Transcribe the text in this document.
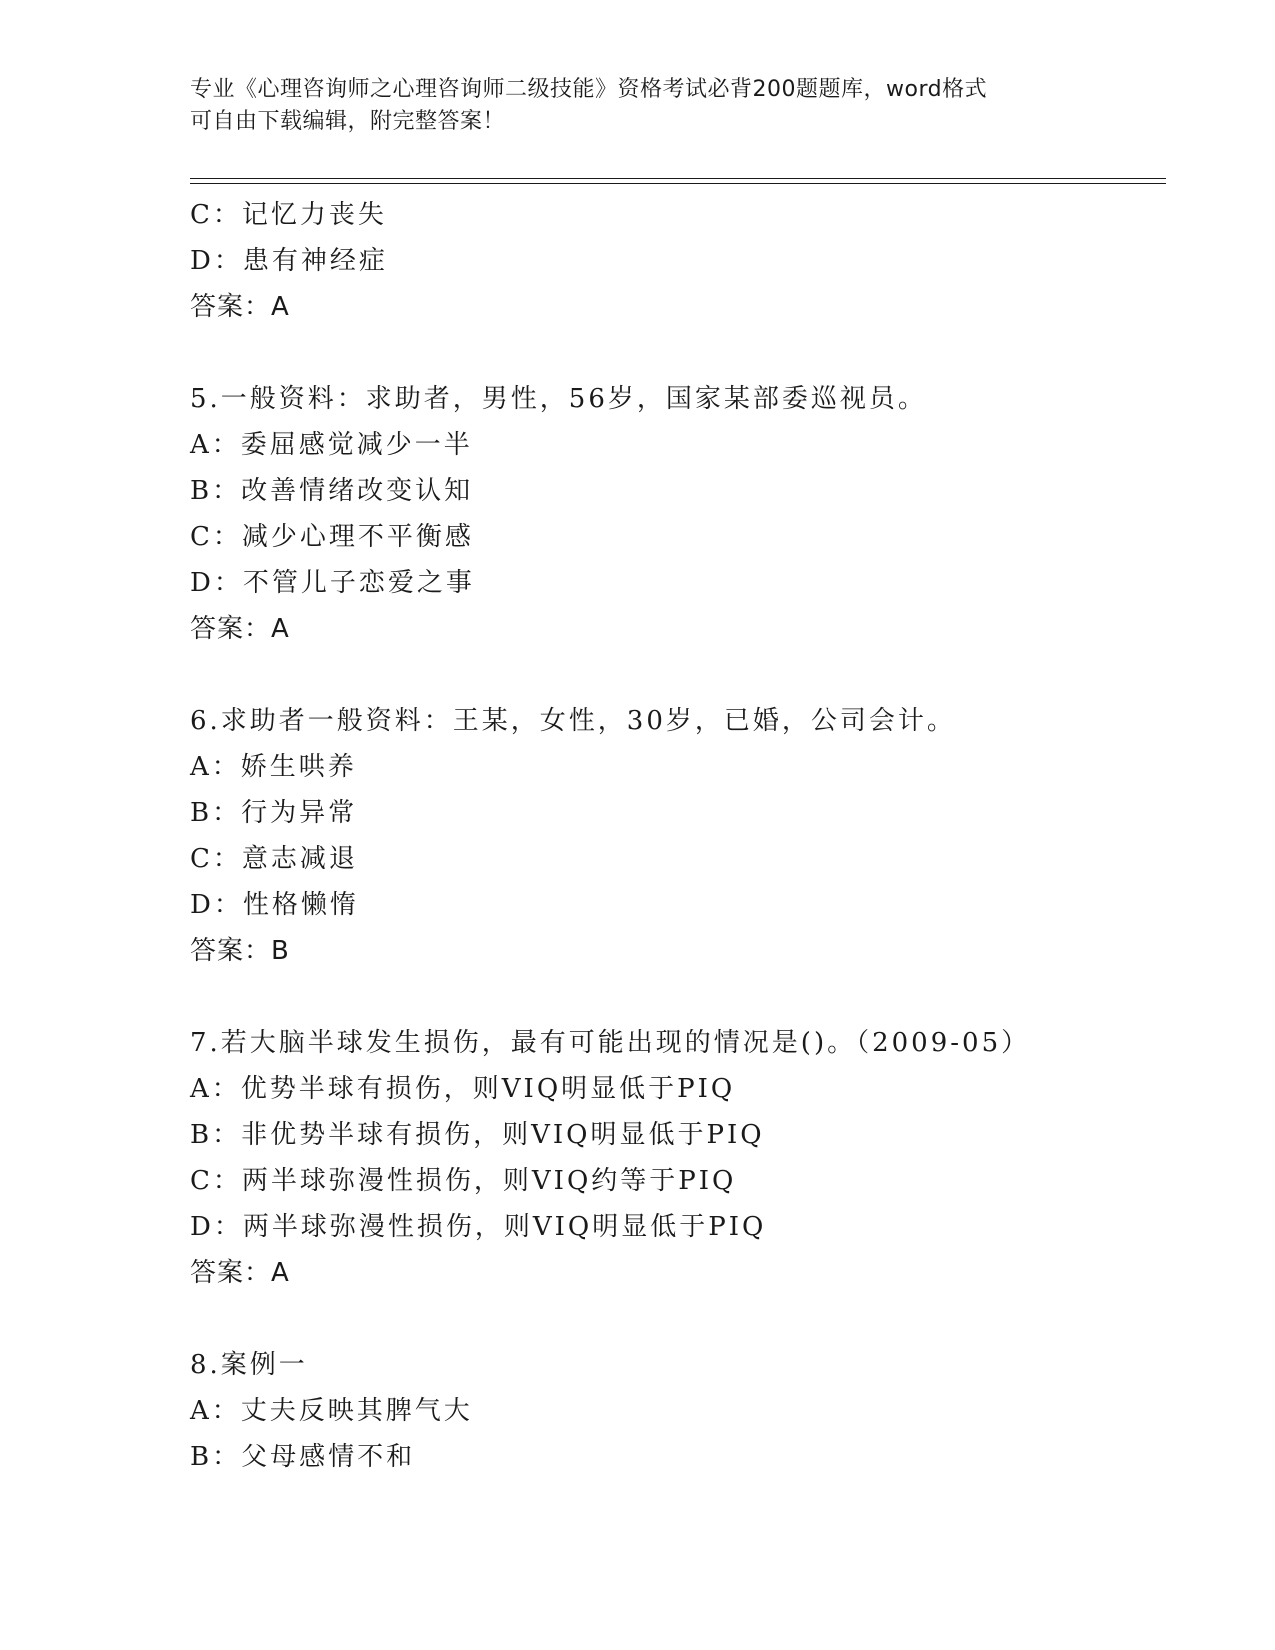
专业《心理咨询师之心理咨询师二级技能》资格考试必背200题题库，word格式
可自由下载编辑，附完整答案！
C：记忆力丧失
D：患有神经症
答案：A
5.一般资料：求助者，男性，56岁，国家某部委巡视员。
A：委屈感觉减少一半
B：改善情绪改变认知
C：减少心理不平衡感
D：不管儿子恋爱之事
答案：A
6.求助者一般资料：王某，女性，30岁，已婚，公司会计。
A：娇生哄养
B：行为异常
C：意志减退
D：性格懒惰
答案：B
7.若大脑半球发生损伤，最有可能出现的情况是()。（2009-05）
A：优势半球有损伤，则VIQ明显低于PIQ
B：非优势半球有损伤，则VIQ明显低于PIQ
C：两半球弥漫性损伤，则VIQ约等于PIQ
D：两半球弥漫性损伤，则VIQ明显低于PIQ
答案：A
8.案例一
A：丈夫反映其脾气大
B：父母感情不和
